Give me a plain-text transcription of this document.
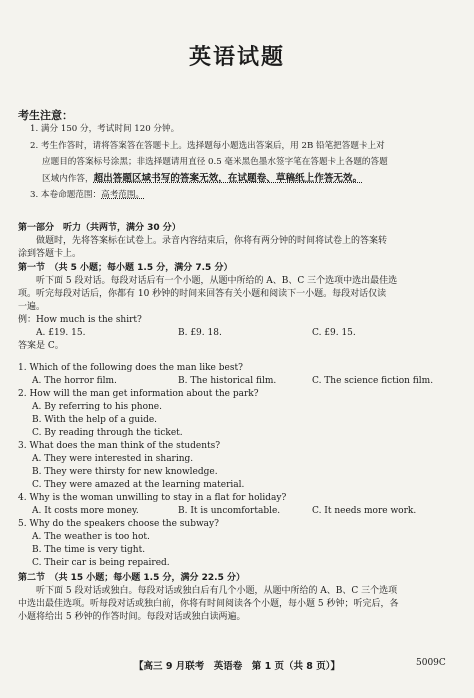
英语试题
考生注意：
1. 满分 150 分，考试时间 120 分钟。
2. 考生作答时，请将答案答在答题卡上。选择题每小题选出答案后，用 2B 铅笔把答题卡上对
应题目的答案标号涂黑；非选择题请用直径 0.5 毫米黑色墨水签字笔在答题卡上各题的答题
区域内作答，超出答题区域书写的答案无效，在试题卷、草稿纸上作答无效。
3. 本卷命题范围：高考范围。
第一部分　听力（共两节，满分 30 分）
做题时，先将答案标在试卷上。录音内容结束后，你将有两分钟的时间将试卷上的答案转
涂到答题卡上。
第一节　（共 5 小题；每小题 1.5 分，满分 7.5 分）
听下面 5 段对话。每段对话后有一个小题，从题中所给的 A、B、C 三个选项中选出最佳选
项。听完每段对话后，你都有 10 秒钟的时间来回答有关小题和阅读下一小题。每段对话仅读
一遍。
例：How much is the shirt?
A. £19. 15.	B. £9. 18.	C. £9. 15.
答案是 C。
1. Which of the following does the man like best?
A. The horror film.	B. The historical film.	C. The science fiction film.
2. How will the man get information about the park?
A. By referring to his phone.
B. With the help of a guide.
C. By reading through the ticket.
3. What does the man think of the students?
A. They were interested in sharing.
B. They were thirsty for new knowledge.
C. They were amazed at the learning material.
4. Why is the woman unwilling to stay in a flat for holiday?
A. It costs more money.	B. It is uncomfortable.	C. It needs more work.
5. Why do the speakers choose the subway?
A. The weather is too hot.
B. The time is very tight.
C. Their car is being repaired.
第二节　（共 15 小题；每小题 1.5 分，满分 22.5 分）
听下面 5 段对话或独白。每段对话或独白后有几个小题，从题中所给的 A、B、C 三个选项
中选出最佳选项。听每段对话或独白前，你将有时间阅读各个小题，每小题 5 秒钟；听完后，各
小题将给出 5 秒钟的作答时间。每段对话或独白读两遍。
【高三 9 月联考　英语卷　第 1 页（共 8 页）】	5009C
